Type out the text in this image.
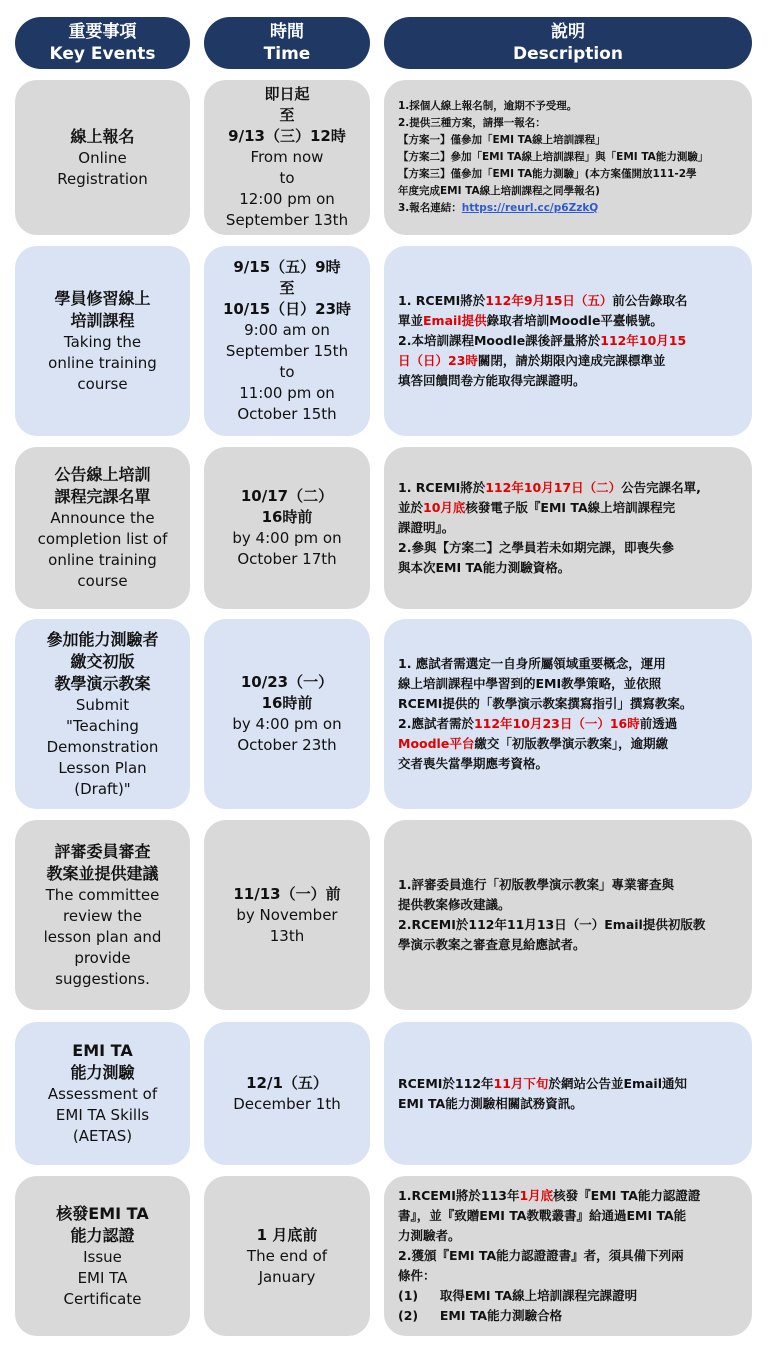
重要事項
Key Events
時間
Time
說明
Description
線上報名
Online
Registration
即日起
至
9/13（三）12時
From now
to
12:00 pm on
September 13th
1.採個人線上報名制，逾期不予受理。
2.提供三種方案，請擇一報名：
【方案一】僅參加「EMI TA線上培訓課程」
【方案二】參加「EMI TA線上培訓課程」與「EMI TA能力測驗」
【方案三】僅參加「EMI TA能力測驗」(本方案僅開放111-2學
年度完成EMI TA線上培訓課程之同學報名)
3.報名連結：https://reurl.cc/p6ZzkQ
學員修習線上
培訓課程
Taking the
online training
course
9/15（五）9時
至
10/15（日）23時
9:00 am on
September 15th
to
11:00 pm on
October 15th
1. RCEMI將於112年9月15日（五）前公告錄取名
單並Email提供錄取者培訓Moodle平臺帳號。
2.本培訓課程Moodle課後評量將於112年10月15
日（日）23時關閉，請於期限內達成完課標準並
填答回饋問卷方能取得完課證明。
公告線上培訓
課程完課名單
Announce the
completion list of
online training
course
10/17（二）
16時前
by 4:00 pm on
October 17th
1. RCEMI將於112年10月17日（二）公告完課名單,
並於10月底核發電子版『EMI TA線上培訓課程完
課證明』。
2.參與【方案二】之學員若未如期完課，即喪失參
與本次EMI TA能力測驗資格。
參加能力測驗者
繳交初版
教學演示教案
Submit
"Teaching
Demonstration
Lesson Plan
(Draft)"
10/23（一）
16時前
by 4:00 pm on
October 23th
1. 應試者需選定一自身所屬領域重要概念，運用
線上培訓課程中學習到的EMI教學策略，並依照
RCEMI提供的「教學演示教案撰寫指引」撰寫教案。
2.應試者需於112年10月23日（一）16時前透過
Moodle平台繳交「初版教學演示教案」，逾期繳
交者喪失當學期應考資格。
評審委員審查
教案並提供建議
The committee
review the
lesson plan and
provide
suggestions.
11/13（一）前
by November
13th
1.評審委員進行「初版教學演示教案」專業審查與
提供教案修改建議。
2.RCEMI於112年11月13日（一）Email提供初版教
學演示教案之審查意見給應試者。
EMI TA
能力測驗
Assessment of
EMI TA Skills
(AETAS)
12/1（五）
December 1th
RCEMI於112年11月下旬於網站公告並Email通知
EMI TA能力測驗相關試務資訊。
核發EMI TA
能力認證
Issue
EMI TA
Certificate
1 月底前
The end of
January
1.RCEMI將於113年1月底核發『EMI TA能力認證證
書』，並『致贈EMI TA教戰叢書』給通過EMI TA能
力測驗者。
2.獲頒『EMI TA能力認證證書』者，須具備下列兩
條件：
(1)     取得EMI TA線上培訓課程完課證明
(2)     EMI TA能力測驗合格
